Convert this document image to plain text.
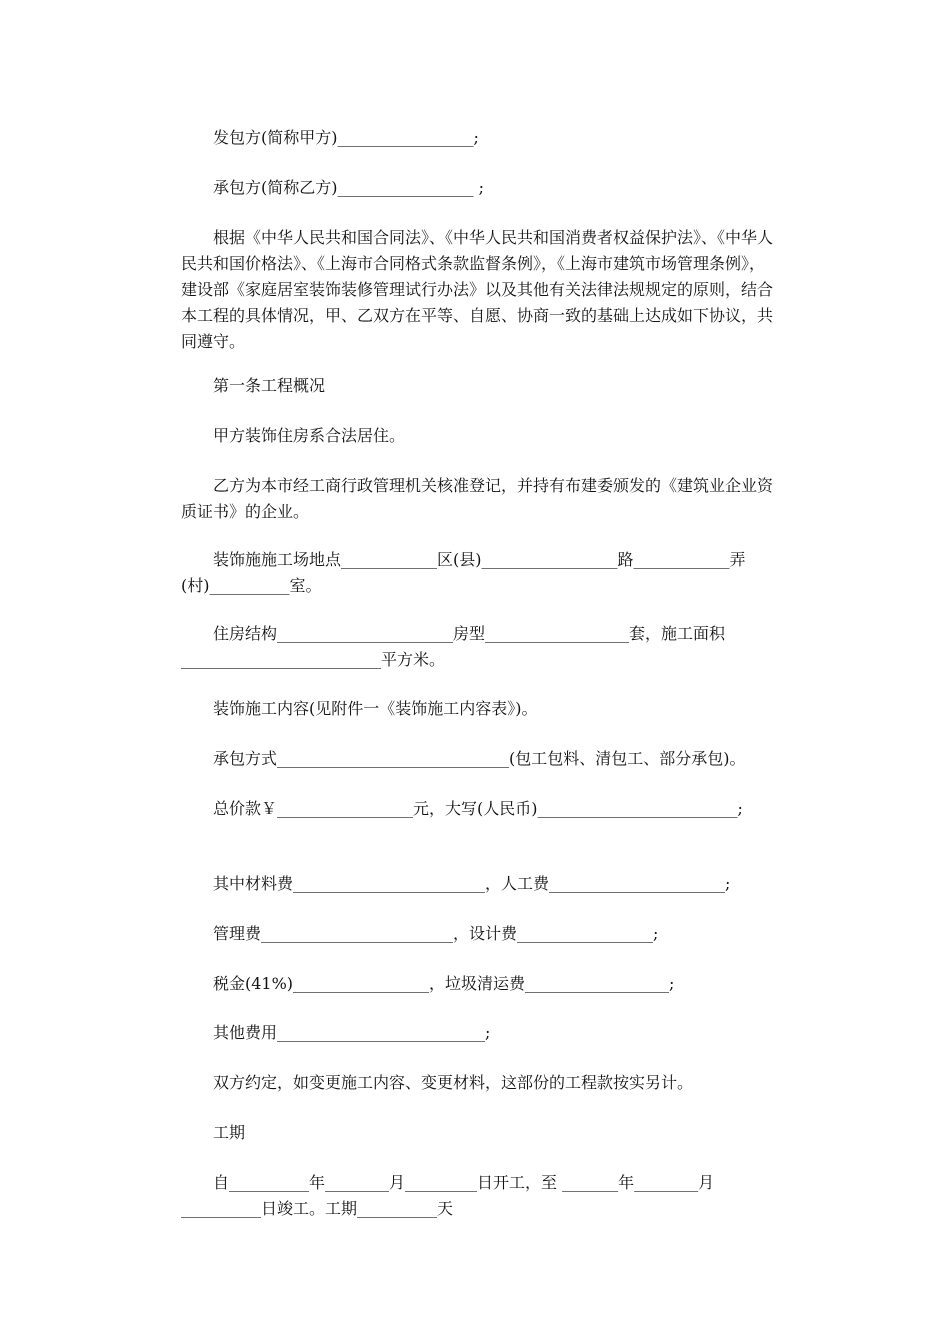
发包方(简称甲方)_________________;

承包方(简称乙方)_________________ ;

根据《中华人民共和国合同法》、《中华人民共和国消费者权益保护法》、《中华人民共和国价格法》、《上海市合同格式条款监督条例》，《上海市建筑市场管理条例》，建设部《家庭居室装饰装修管理试行办法》以及其他有关法律法规规定的原则，结合本工程的具体情况，甲、乙双方在平等、自愿、协商一致的基础上达成如下协议，共同遵守。

第一条工程概况

甲方装饰住房系合法居住。

乙方为本市经工商行政管理机关核准登记，并持有布建委颁发的《建筑业企业资质证书》的企业。

装饰施施工场地点____________区(县)_________________路____________弄(村)__________室。

住房结构______________________房型__________________套，施工面积_________________________平方米。

装饰施工内容(见附件一《装饰施工内容表》)。

承包方式_____________________________(包工包料、清包工、部分承包)。

总价款￥_________________元，大写(人民币)_________________________;

其中材料费________________________，人工费______________________;

管理费________________________，设计费_________________;

税金(41%)_________________，垃圾清运费__________________;

其他费用__________________________;

双方约定，如变更施工内容、变更材料，这部份的工程款按实另计。

工期

自__________年________月_________日开工，至 _______年________月__________日竣工。工期__________天
